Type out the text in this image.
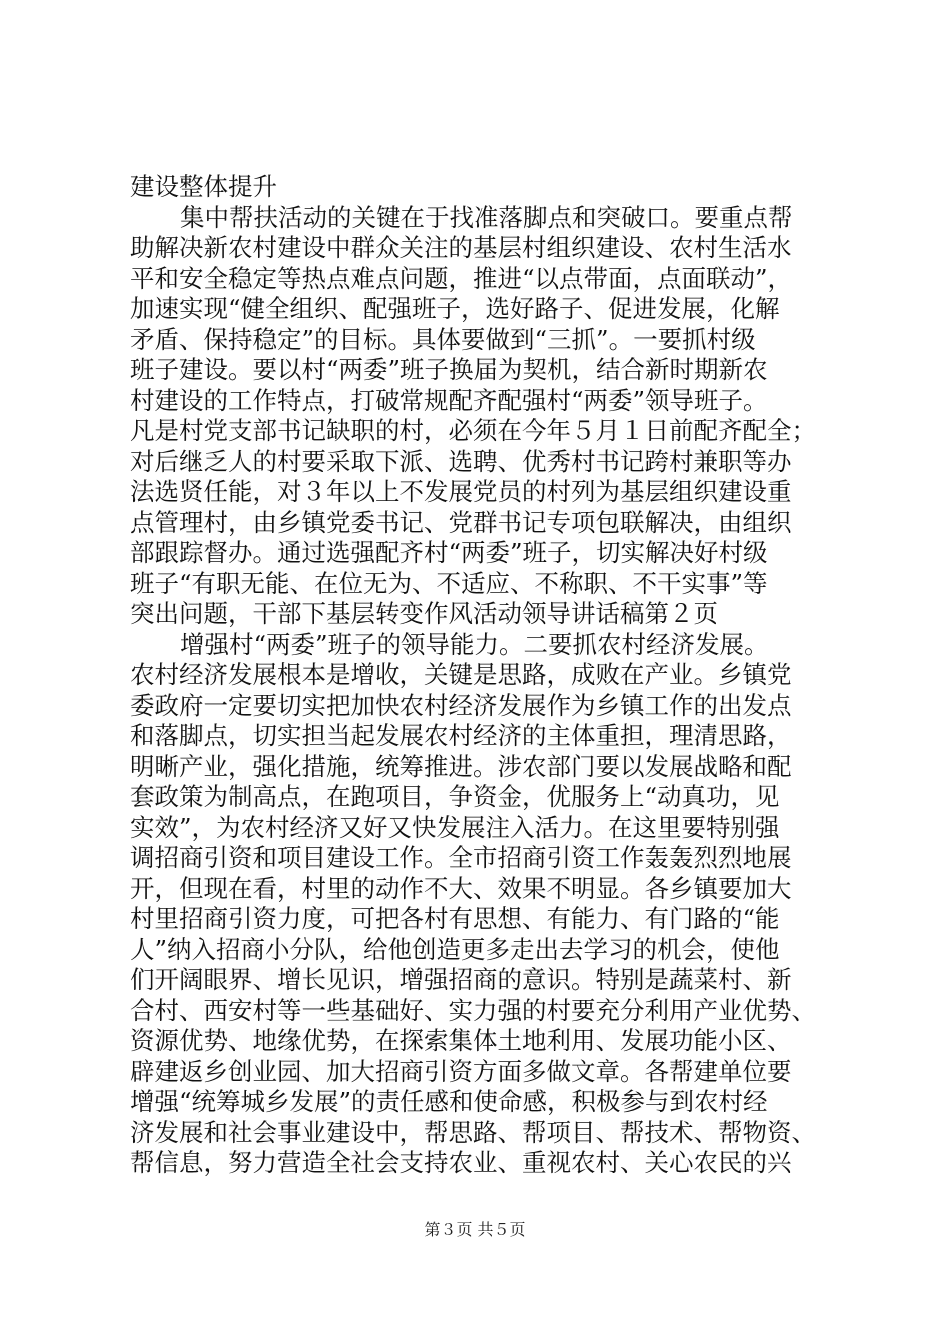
建设整体提升
集中帮扶活动的关键在于找准落脚点和突破口。要重点帮
助解决新农村建设中群众关注的基层村组织建设、农村生活水
平和安全稳定等热点难点问题，推进“以点带面，点面联动”，
加速实现“健全组织、配强班子，选好路子、促进发展，化解
矛盾、保持稳定”的目标。具体要做到“三抓”。一要抓村级
班子建设。要以村“两委”班子换届为契机，结合新时期新农
村建设的工作特点，打破常规配齐配强村“两委”领导班子。
凡是村党支部书记缺职的村，必须在今年５月１日前配齐配全；
对后继乏人的村要采取下派、选聘、优秀村书记跨村兼职等办
法选贤任能，对３年以上不发展党员的村列为基层组织建设重
点管理村，由乡镇党委书记、党群书记专项包联解决，由组织
部跟踪督办。通过选强配齐村“两委”班子，切实解决好村级
班子“有职无能、在位无为、不适应、不称职、不干实事”等
突出问题，干部下基层转变作风活动领导讲话稿第２页
增强村“两委”班子的领导能力。二要抓农村经济发展。
农村经济发展根本是增收，关键是思路，成败在产业。乡镇党
委政府一定要切实把加快农村经济发展作为乡镇工作的出发点
和落脚点，切实担当起发展农村经济的主体重担，理清思路，
明晰产业，强化措施，统筹推进。涉农部门要以发展战略和配
套政策为制高点，在跑项目，争资金，优服务上“动真功，见
实效”，为农村经济又好又快发展注入活力。在这里要特别强
调招商引资和项目建设工作。全市招商引资工作轰轰烈烈地展
开，但现在看，村里的动作不大、效果不明显。各乡镇要加大
村里招商引资力度，可把各村有思想、有能力、有门路的“能
人”纳入招商小分队，给他创造更多走出去学习的机会，使他
们开阔眼界、增长见识，增强招商的意识。特别是蔬菜村、新
合村、西安村等一些基础好、实力强的村要充分利用产业优势、
资源优势、地缘优势，在探索集体土地利用、发展功能小区、
辟建返乡创业园、加大招商引资方面多做文章。各帮建单位要
增强“统筹城乡发展”的责任感和使命感，积极参与到农村经
济发展和社会事业建设中，帮思路、帮项目、帮技术、帮物资、
帮信息，努力营造全社会支持农业、重视农村、关心农民的兴
第３页 共５页
